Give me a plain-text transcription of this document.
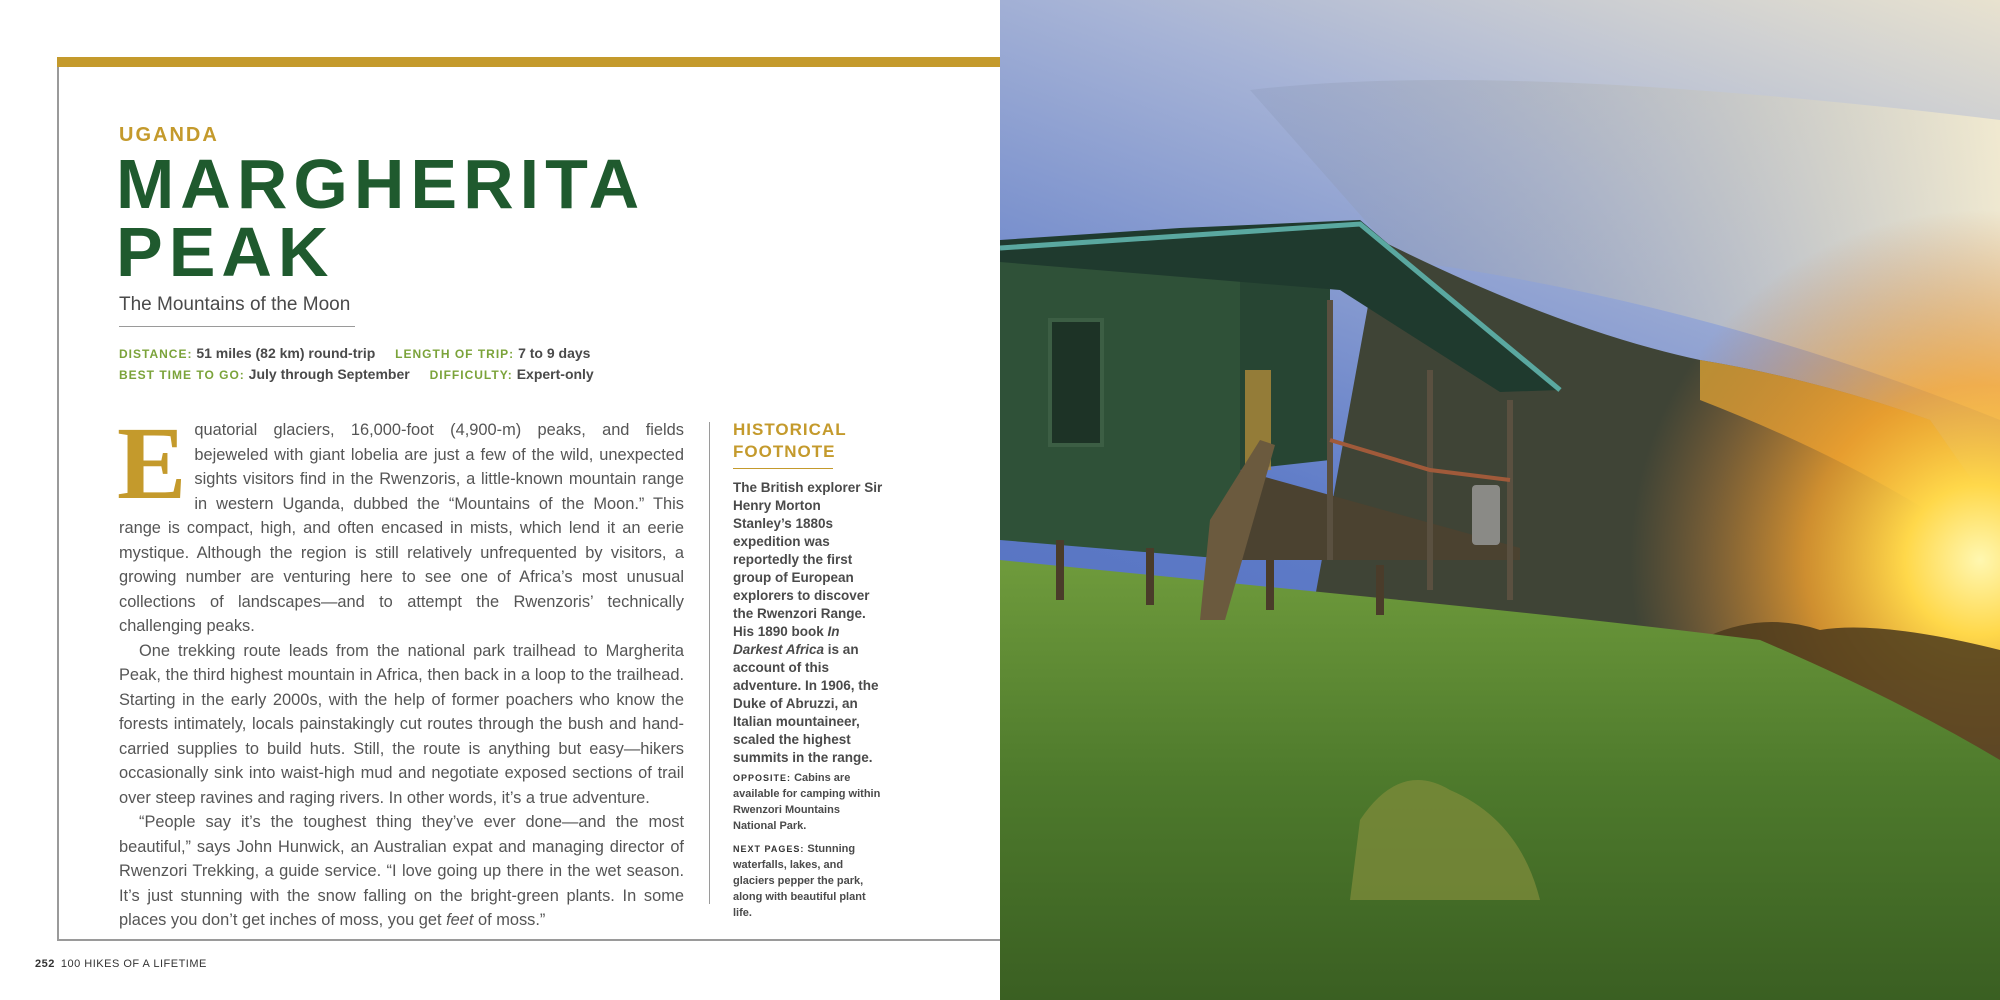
UGANDA
MARGHERITA
PEAK
The Mountains of the Moon
DISTANCE: 51 miles (82 km) round-trip LENGTH OF TRIP: 7 to 9 days
BEST TIME TO GO: July through September DIFFICULTY: Expert-only

Equatorial glaciers, 16,000-foot (4,900-m) peaks, and fields bejeweled with giant lobelia are just a few of the wild, unexpected sights visitors find in the Rwenzoris, a little-known mountain range in western Uganda, dubbed the “Mountains of the Moon.” This range is compact, high, and often encased in mists, which lend it an eerie mystique. Although the region is still relatively unfrequented by visitors, a growing number are venturing here to see one of Africa’s most unusual collections of landscapes—and to attempt the Rwenzoris’ technically challenging peaks.

One trekking route leads from the national park trailhead to Margherita Peak, the third highest mountain in Africa, then back in a loop to the trailhead. Starting in the early 2000s, with the help of former poachers who know the forests intimately, locals painstakingly cut routes through the bush and hand-carried supplies to build huts. Still, the route is anything but easy—hikers occasionally sink into waist-high mud and negotiate exposed sections of trail over steep ravines and raging rivers. In other words, it’s a true adventure.

“People say it’s the toughest thing they’ve ever done—and the most beautiful,” says John Hunwick, an Australian expat and managing director of Rwenzori Trekking, a guide service. “I love going up there in the wet season. It’s just stunning with the snow falling on the bright-green plants. In some places you don’t get inches of moss, you get feet of moss.”

HISTORICAL
FOOTNOTE
The British explorer Sir Henry Morton Stanley’s 1880s expedition was reportedly the first group of European explorers to discover the Rwenzori Range. His 1890 book In Darkest Africa is an account of this adventure. In 1906, the Duke of Abruzzi, an Italian mountaineer, scaled the highest summits in the range.
OPPOSITE: Cabins are available for camping within Rwenzori Mountains National Park.
NEXT PAGES: Stunning waterfalls, lakes, and glaciers pepper the park, along with beautiful plant life.
252 100 HIKES OF A LIFETIME
